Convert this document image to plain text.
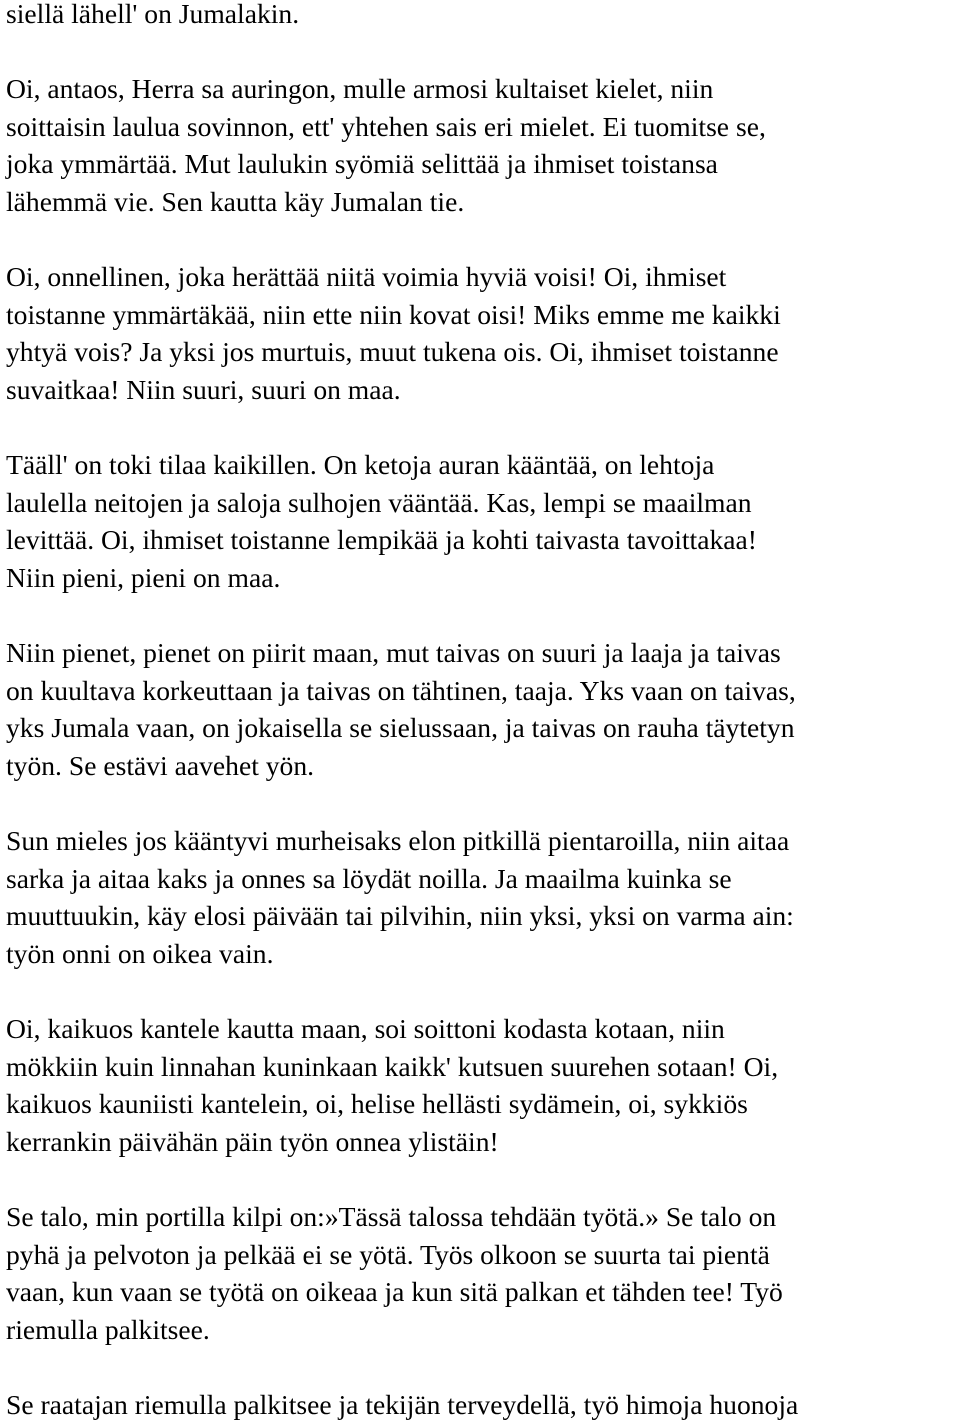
siellä lähell' on Jumalakin.

Oi, antaos, Herra sa auringon, mulle armosi kultaiset kielet, niin
soittaisin laulua sovinnon, ett' yhtehen sais eri mielet. Ei tuomitse se,
joka ymmärtää. Mut laulukin syömiä selittää ja ihmiset toistansa
lähemmä vie. Sen kautta käy Jumalan tie.

Oi, onnellinen, joka herättää niitä voimia hyviä voisi! Oi, ihmiset
toistanne ymmärtäkää, niin ette niin kovat oisi! Miks emme me kaikki
yhtyä vois? Ja yksi jos murtuis, muut tukena ois. Oi, ihmiset toistanne
suvaitkaa! Niin suuri, suuri on maa.

Tääll' on toki tilaa kaikillen. On ketoja auran kääntää, on lehtoja
laulella neitojen ja saloja sulhojen vääntää. Kas, lempi se maailman
levittää. Oi, ihmiset toistanne lempikää ja kohti taivasta tavoittakaa!
Niin pieni, pieni on maa.

Niin pienet, pienet on piirit maan, mut taivas on suuri ja laaja ja taivas
on kuultava korkeuttaan ja taivas on tähtinen, taaja. Yks vaan on taivas,
yks Jumala vaan, on jokaisella se sielussaan, ja taivas on rauha täytetyn
työn. Se estävi aavehet yön.

Sun mieles jos kääntyvi murheisaks elon pitkillä pientaroilla, niin aitaa
sarka ja aitaa kaks ja onnes sa löydät noilla. Ja maailma kuinka se
muuttuukin, käy elosi päivään tai pilvihin, niin yksi, yksi on varma ain:
työn onni on oikea vain.

Oi, kaikuos kantele kautta maan, soi soittoni kodasta kotaan, niin
mökkiin kuin linnahan kuninkaan kaikk' kutsuen suurehen sotaan! Oi,
kaikuos kauniisti kantelein, oi, helise hellästi sydämein, oi, sykkiös
kerrankin päivähän päin työn onnea ylistäin!

Se talo, min portilla kilpi on:»Tässä talossa tehdään työtä.» Se talo on
pyhä ja pelvoton ja pelkää ei se yötä. Työs olkoon se suurta tai pientä
vaan, kun vaan se työtä on oikeaa ja kun sitä palkan et tähden tee! Työ
riemulla palkitsee.

Se raatajan riemulla palkitsee ja tekijän terveydellä, työ himoja huonoja
